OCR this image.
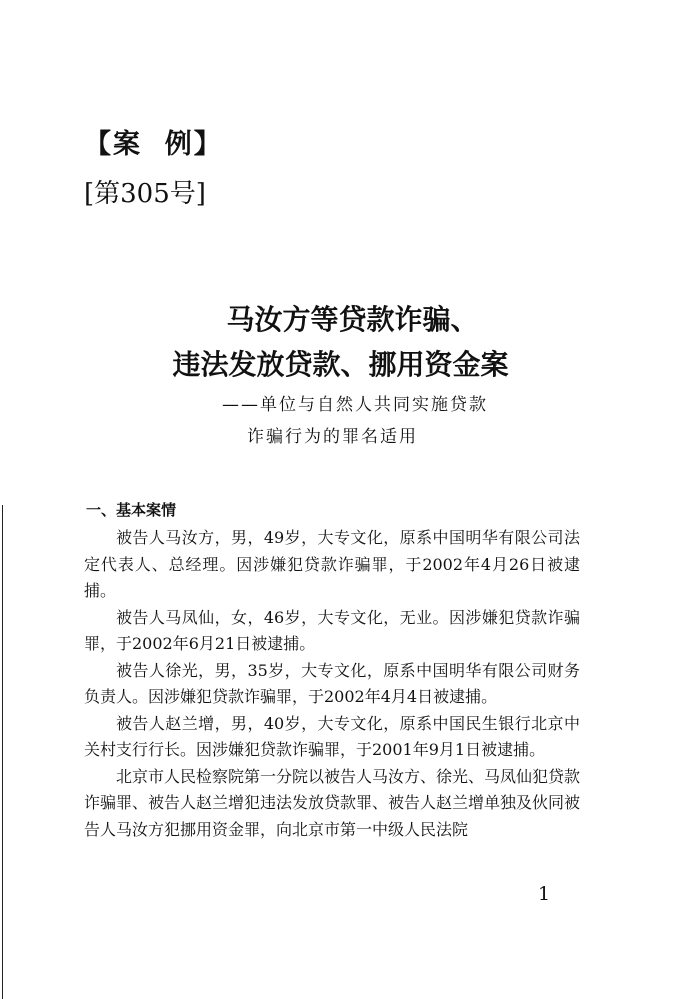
【案  例】
[第305号]
马汝方等贷款诈骗、
违法发放贷款、挪用资金案
——单位与自然人共同实施贷款
诈骗行为的罪名适用
一、基本案情

被告人马汝方，男，49岁，大专文化，原系中国明华有限公司法定代表人、总经理。因涉嫌犯贷款诈骗罪，于2002年4月26日被逮捕。

被告人马凤仙，女，46岁，大专文化，无业。因涉嫌犯贷款诈骗罪，于2002年6月21日被逮捕。

被告人徐光，男，35岁，大专文化，原系中国明华有限公司财务负责人。因涉嫌犯贷款诈骗罪，于2002年4月4日被逮捕。

被告人赵兰增，男，40岁，大专文化，原系中国民生银行北京中关村支行行长。因涉嫌犯贷款诈骗罪，于2001年9月1日被逮捕。

北京市人民检察院第一分院以被告人马汝方、徐光、马凤仙犯贷款诈骗罪、被告人赵兰增犯违法发放贷款罪、被告人赵兰增单独及伙同被告人马汝方犯挪用资金罪，向北京市第一中级人民法院

1
